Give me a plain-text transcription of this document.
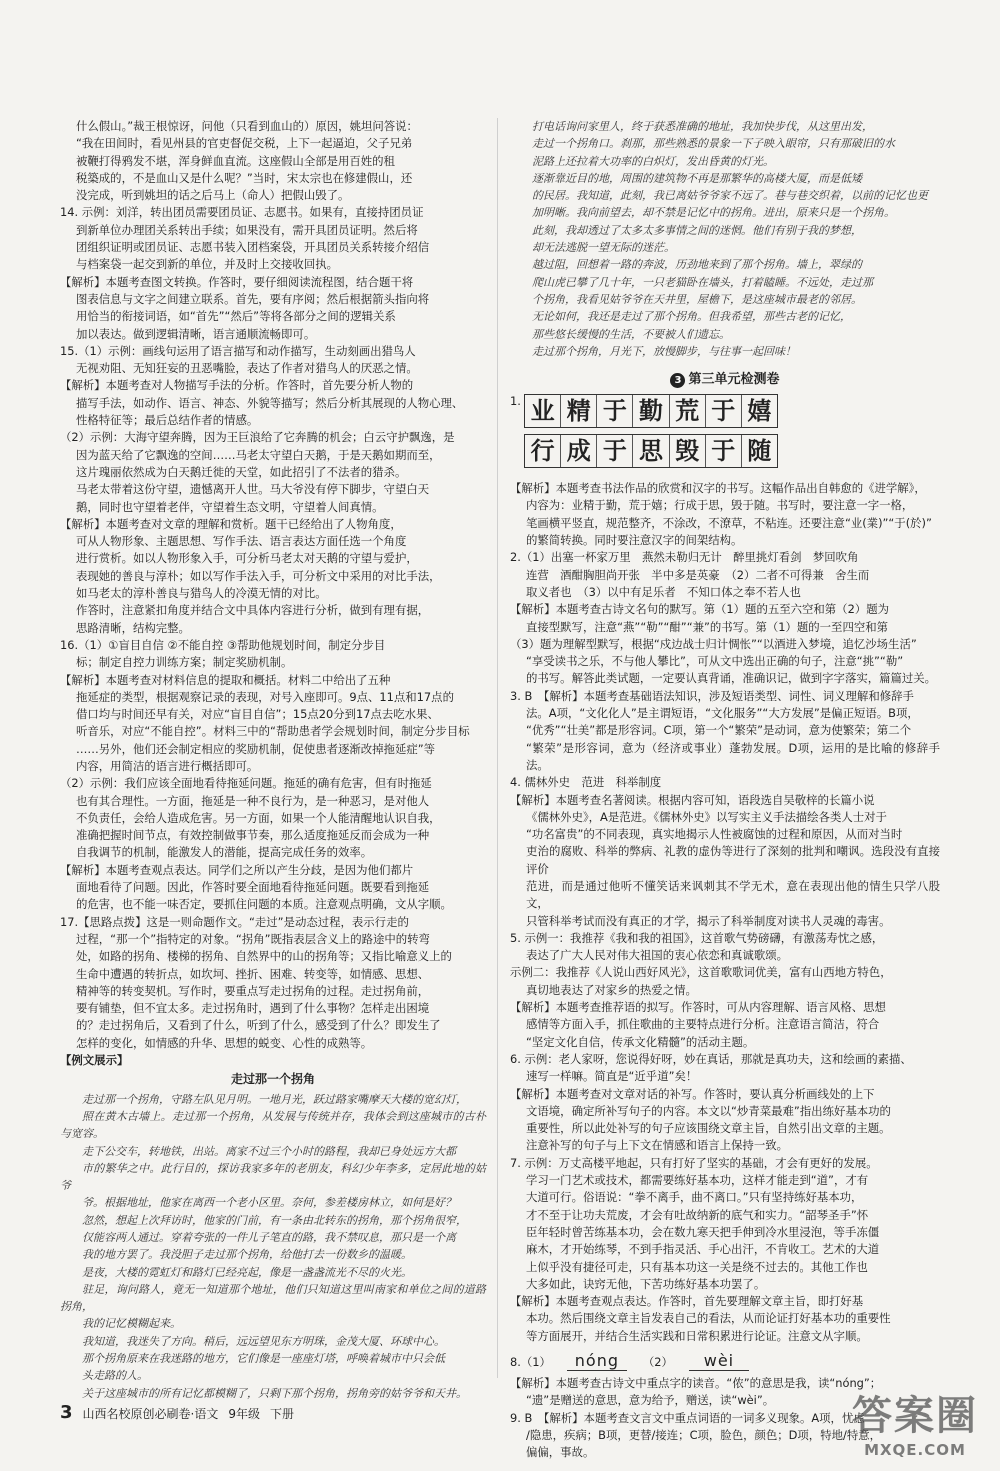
什么假山。”裁王根惊讶，问他（只看到血山的）原因，姚坦问答说：

“我在田间时，看见州县的官吏督促交税，上下一起逼迫，父子兄弟

被鞭打得鸦发不堪，浑身鲜血直流。这座假山全部是用百姓的租

税築成的，不是血山又是什么呢？”当时，宋太宗也在修建假山，还

没完成，听到姚坦的话之后马上（命人）把假山毁了。

14. 示例：刘洋，转出团员需要团员证、志愿书。如果有，直接持团员证

到新单位办理团关系转出手续；如果没有，需开具团员证明。然后将

团组织证明或团员证、志愿书装入团档案袋，开具团员关系转接介绍信

与档案袋一起交到新的单位，并及时上交接收回执。

【解析】本题考查图文转换。作答时，要仔细阅读流程图，结合题干将

图表信息与文字之间建立联系。首先，要有序阅；然后根据箭头指向将

用恰当的衔接词语，如“首先”“然后”等将各部分之间的逻辑关系

加以表达。做到逻辑清晰，语言通顺流畅即可。

15.（1）示例：画线句运用了语言描写和动作描写，生动刻画出猎鸟人

无视劝阻、无知狂妄的丑恶嘴脸，表达了作者对猎鸟人的厌恶之情。

【解析】本题考查对人物描写手法的分析。作答时，首先要分析人物的

描写手法，如动作、语言、神态、外貌等描写；然后分析其展现的人物心理、

性格特征等；最后总结作者的情感。

（2）示例：大海守望奔腾，因为王巨浪给了它奔腾的机会；白云守护飘逸，是

因为蓝天给了它飘逸的空间……马老太守望白天鹅，于是天鹅如期而至，

这片瑰丽依然成为白天鹅迁徙的天堂，如此招引了不法者的猎杀。

马老太带着这份守望，遗憾离开人世。马大爷没有停下脚步，守望白天

鹅，同时也守望着老伴，守望着生态文明，守望着人间真情。

【解析】本题考查对文章的理解和赏析。题干已经给出了人物角度，

可从人物形象、主题思想、写作手法、语言表达方面任选一个角度

进行赏析。如以人物形象入手，可分析马老太对天鹅的守望与爱护，

表现她的善良与淳朴；如以写作手法入手，可分析文中采用的对比手法，

如马老太的淳朴善良与猎鸟人的冷漠无情的对比。

作答时，注意紧扣角度并结合文中具体内容进行分析，做到有理有据，

思路清晰，结构完整。

16.（1）①盲目自信 ②不能自控 ③帮助他规划时间，制定分步目

标；制定自控力训练方案；制定奖励机制。

【解析】本题考查对材料信息的提取和概括。材料二中给出了五种

拖延症的类型，根据观察记录的表现，对号入座即可。9点、11点和17点的

借口均与时间还早有关，对应“盲目自信”；15点20分到17点去吃水果、

听音乐，对应“不能自控”。材料三中的“帮助患者学会规划时间，制定分步目标

……另外，他们还会制定相应的奖励机制，促使患者逐渐改掉拖延症”等

内容，用简洁的语言进行概括即可。

（2）示例：我们应该全面地看待拖延问题。拖延的确有危害，但有时拖延

也有其合理性。一方面，拖延是一种不良行为，是一种恶习，是对他人

不负责任，会给人造成危害。另一方面，如果一个人能清醒地认识自我，

准确把握时间节点，有效控制做事节奏，那么适度拖延反而会成为一种

自我调节的机制，能激发人的潜能，提高完成任务的效率。

【解析】本题考查观点表达。同学们之所以产生分歧，是因为他们都片

面地看待了问题。因此，作答时要全面地看待拖延问题。既要看到拖延

的危害，也不能一味否定，要抓住问题的本质。注意观点明确，文从字顺。

17.【思路点拨】这是一则命题作文。“走过”是动态过程，表示行走的

过程，“那一个”指特定的对象。“拐角”既指表层含义上的路途中的转弯

处，如路的拐角、楼梯的拐角、自然界中的山的拐角等；又指比喻意义上的

生命中遭遇的转折点，如坎坷、挫折、困难、转变等，如情感、思想、

精神等的转变契机。写作时，要重点写走过拐角的过程。走过拐角前，

要有铺垫，但不宜太多。走过拐角时，遇到了什么事物？怎样走出困境

的？走过拐角后，又看到了什么，听到了什么，感受到了什么？即发生了

怎样的变化，如情感的升华、思想的蜕变、心性的成熟等。

【例文展示】

走过那一个拐角

走过那一个拐角，守路左队见月明。一地月光，跃过路家嘴摩天大楼的宽幻灯，

照在黄木古墙上。走过那一个拐角，从发展与传统并存，我体会到这座城市的古朴与宽容。

走下公交车，转地铁，出站。离家不过三个小时的路程，我却已身处远方大都

市的繁华之中。此行目的，探访我家多年的老朋友，科幻少年李多，定居此地的姑爷

爷。根据地址，他家在离西一个老小区里。奈何，参差楼房林立，如何是好？

忽然，想起上次拜访时，他家的门前，有一条由北转东的拐角，那个拐角很窄，

仅能容两人通过。穿着夸张的一件儿子笔直的路，我不禁叹息，那只是一个离

我的地方罢了。我没胆子走过那个拐角，给他打去一份数乡的温暖。

是夜，大楼的霓虹灯和路灯已经亮起，像是一盏盏流光不尽的火光。

驻足，询问路人，竟无一知道那个地址，他们只知道这里叫南家和单位之间的道路拐角，

我的记忆模糊起来。

我知道，我迷失了方向。稍后，远远望见东方明珠，金茂大厦、环球中心。

那个拐角原来在我迷路的地方，它们像是一座座灯塔，呼唤着城市中只会低

头走路的人。

关于这座城市的所有记忆都模糊了，只剩下那个拐角，拐角旁的姑爷爷和天井。

打电话询问家里人，终于获悉准确的地址，我加快步伐，从这里出发，

走过一个拐角口。刹那，那些熟悉的景象一下子映入眼帘，只有那破旧的水

泥路上还拉着大功率的白炽灯，发出昏黄的灯光。

逐渐靠近目的地，周围的建筑物不再是那繁华的高楼大厦，而是低矮

的民居。我知道，此刻，我已离姑爷爷家不远了。巷与巷交织着，以前的记忆也更

加明晰。我向前望去，却不禁是记忆中的拐角。进出，原来只是一个拐角。

此刻，我却透过了太多太多事情之间的迷惘。他们有别于我的梦想，

却无法逃脱一望无际的迷茫。

越过阻，回想着一路的奔波，历劲地来到了那个拐角。墙上，翠绿的

爬山虎已攀了几十年，一只老猫卧在墙头，打着瞌睡。不远处，走过那

个拐角，我看见姑爷爷在天井里，屋檐下，是这座城市最老的邻居。

无论如何，我还是走过了那个拐角。但我希望，那些古老的记忆，

那些悠长缓慢的生活，不要被人们遗忘。

走过那个拐角，月光下，放慢脚步，与往事一起回味！

3 第三单元检测卷
1. 业 精 于 勤 荒 于 嬉
行 成 于 思 毁 于 随

【解析】本题考查书法作品的欣赏和汉字的书写。这幅作品出自韩愈的《进学解》，

内容为：业精于勤，荒于嬉；行成于思，毁于随。书写时，要注意一字一格，

笔画横平竖直，规范整齐，不涂改，不潦草，不粘连。还要注意“业(業)”“于(於)”

的繁简转换。同时要注意汉字的间架结构。

2.（1）出塞一杯家万里　燕然未勒归无计　醉里挑灯看剑　梦回吹角

连营　酒酣胸胆尚开张　半中多是英豪　（2）二者不可得兼　舍生而

取义者也　（3）以中有足乐者　不知口体之奉不若人也

【解析】本题考查古诗文名句的默写。第（1）题的五至六空和第（2）题为

直接型默写，注意“燕”“勒”“酣”“兼”的书写。第（1）题的一至四空和第

（3）题为理解型默写，根据“戍边战士归计惆怅”“以酒进入梦境，追忆沙场生活”

“享受读书之乐，不与他人攀比”，可从文中选出正确的句子，注意“挑”“勒”

的书写。解答此类试题，一定要认真背诵，准确识记，做到字字落实，篇篇过关。

3. B　【解析】本题考查基础语法知识，涉及短语类型、词性、词义理解和修辞手

法。A项，“文化化人”是主谓短语，“文化服务”“大方发展”是偏正短语。B项，

“优秀”“壮美”都是形容词。C项，第一个“繁荣”是动词，意为使繁荣；第二个

“繁荣”是形容词，意为（经济或事业）蓬勃发展。D项，运用的是比喻的修辞手法。

4. 儒林外史　范进　科举制度

【解析】本题考查名著阅读。根据内容可知，语段选自吴敬梓的长篇小说

《儒林外史》，A是范进。《儒林外史》以写实主义手法描绘各类人士对于

“功名富贵”的不同表现，真实地揭示人性被腐蚀的过程和原因，从而对当时

吏治的腐败、科举的弊病、礼教的虚伪等进行了深刻的批判和嘲讽。选段没有直接评价

范进，而是通过他听不懂笑话来讽刺其不学无术，意在表现出他的情生只学八股文，

只管科举考试而没有真正的才学，揭示了科举制度对读书人灵魂的毒害。

5. 示例一：我推荐《我和我的祖国》，这首歌气势磅礴，有激荡寿忱之感，

表达了广大人民对伟大祖国的衷心依恋和真诚歌颂。

示例二：我推荐《人说山西好风光》，这首歌歌词优美，富有山西地方特色，

真切地表达了对家乡的热爱之情。

【解析】本题考查推荐语的拟写。作答时，可从内容理解、语言风格、思想

感情等方面入手，抓住歌曲的主要特点进行分析。注意语言简洁，符合

“坚定文化自信，传承文化精髓”的活动主题。

6. 示例：老人家呀，您说得好呀，妙在真话，那就是真功夫，这和绘画的素描、

速写一样嘛。简直是“近乎道”矣！

【解析】本题考查对文章对话的补写。作答时，要认真分析画线处的上下

文语境，确定所补写句子的内容。本文以“炒青菜最难”指出练好基本功的

重要性，所以此处补写的句子应该围绕文章主旨，自然引出文章的主题。

注意补写的句子与上下文在情感和语言上保持一致。

7. 示例：万丈高楼平地起，只有打好了坚实的基础，才会有更好的发展。

学习一门艺术或技术，都需要练好基本功，这样才能走到“道”，才有

大道可行。俗语说：“拳不离手，曲不离口。”只有坚持练好基本功，

才不至于让功夫荒废，才会有吐故纳新的底气和实力。“韶琴圣手”怀

臣年轻时曾苦练基本功，会在数九寒天把手伸到冷水里浸泡，等手冻僵

麻木，才开始练琴，不到手指灵活、手心出汗，不肯收工。艺术的大道

上似乎没有捷径可走，只有基本功这一关是绕不过去的。其他工作也

大多如此，诀窍无他，下苦功练好基本功罢了。

【解析】本题考查观点表达。作答时，首先要理解文章主旨，即打好基

本功。然后围绕文章主旨发表自己的看法，从而论证打好基本功的重要性

等方面展开，并结合生活实践和日常积累进行论证。注意文从字顺。

8.（1）	nóng	（2）	wèi

【解析】本题考查古诗文中重点字的读音。“侬”的意思是我，读“nóng”；

“遗”是赠送的意思，意为给予，赠送，读“wèi”。

9. B　【解析】本题考查文言文中重点词语的一词多义现象。A项，忧虑

/隐患，疾病；B项，更替/接连；C项，脸色，颜色；D项，特地/特意，

偏偏，事故。

3 山西名校原创必刷卷·语文 9年级 下册	答案圈
MXQE.COM
